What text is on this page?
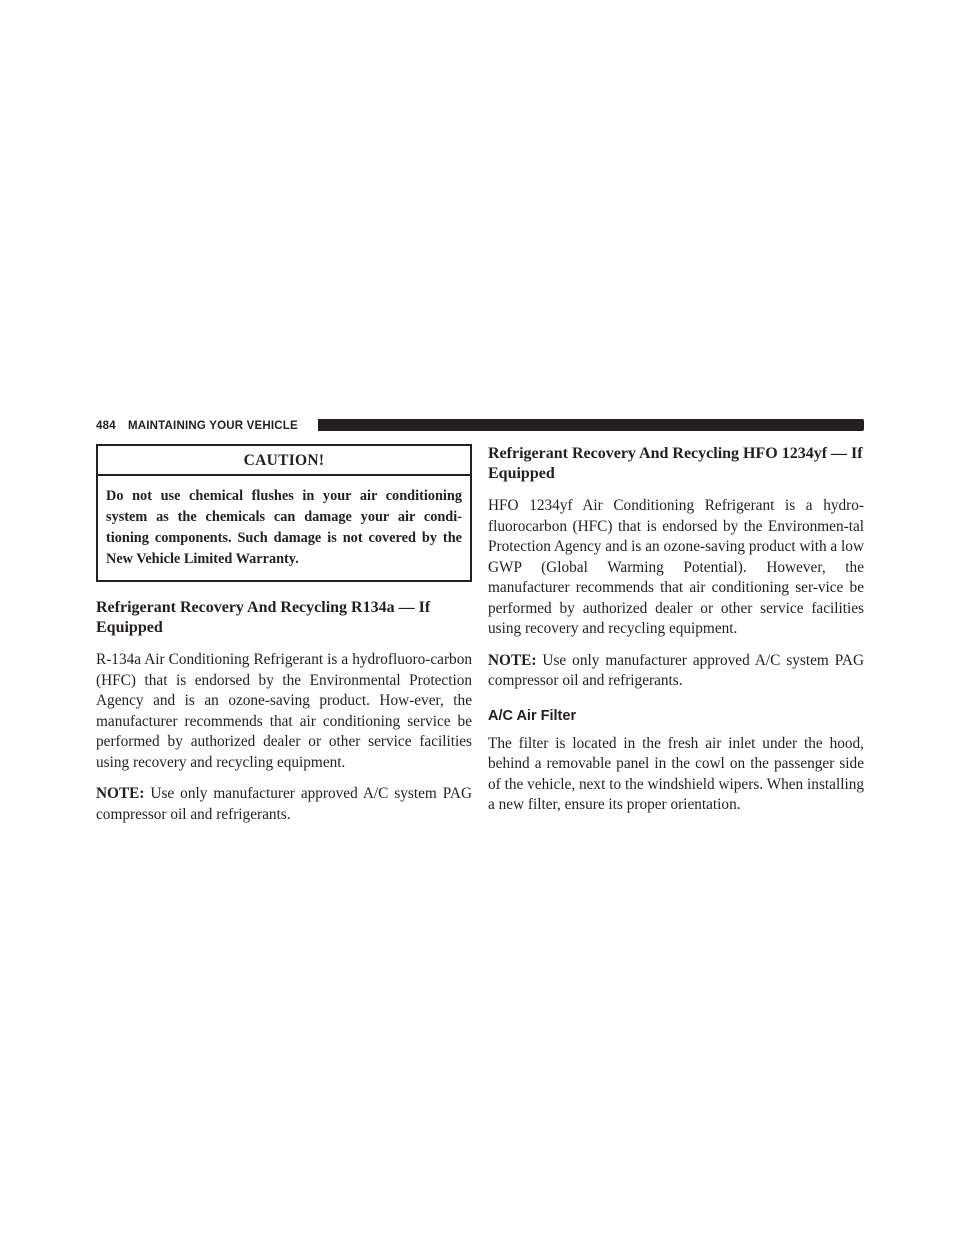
484 MAINTAINING YOUR VEHICLE
CAUTION!
Do not use chemical flushes in your air conditioning system as the chemicals can damage your air condi-tioning components. Such damage is not covered by the New Vehicle Limited Warranty.
Refrigerant Recovery And Recycling R134a — If Equipped

R-134a Air Conditioning Refrigerant is a hydrofluoro-carbon (HFC) that is endorsed by the Environmental Protection Agency and is an ozone-saving product. How-ever, the manufacturer recommends that air conditioning service be performed by authorized dealer or other service facilities using recovery and recycling equipment.

NOTE: Use only manufacturer approved A/C system PAG compressor oil and refrigerants.

Refrigerant Recovery And Recycling HFO 1234yf — If Equipped

HFO 1234yf Air Conditioning Refrigerant is a hydro-fluorocarbon (HFC) that is endorsed by the Environmen-tal Protection Agency and is an ozone-saving product with a low GWP (Global Warming Potential). However, the manufacturer recommends that air conditioning ser-vice be performed by authorized dealer or other service facilities using recovery and recycling equipment.

NOTE: Use only manufacturer approved A/C system PAG compressor oil and refrigerants.

A/C Air Filter

The filter is located in the fresh air inlet under the hood, behind a removable panel in the cowl on the passenger side of the vehicle, next to the windshield wipers. When installing a new filter, ensure its proper orientation.
